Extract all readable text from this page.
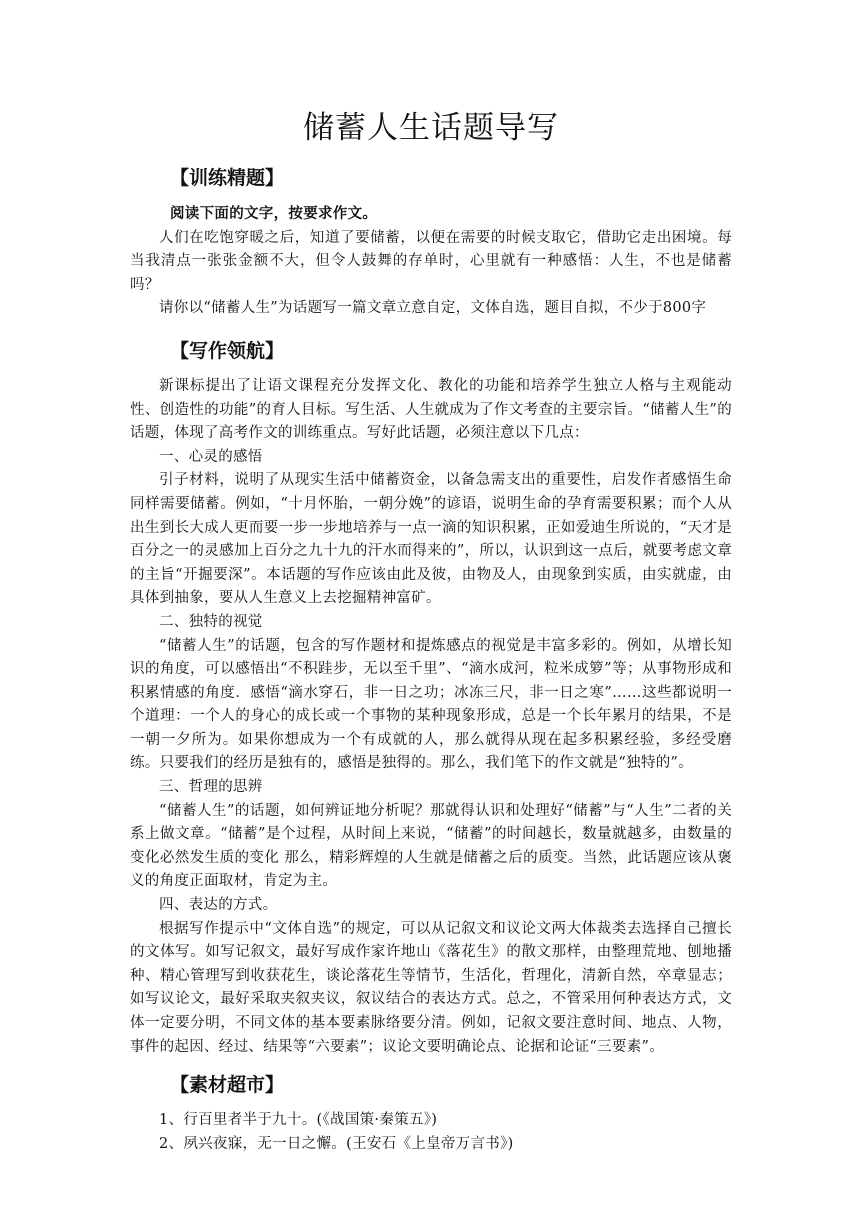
储蓄人生话题导写
【训练精题】

阅读下面的文字，按要求作文。

人们在吃饱穿暖之后，知道了要储蓄，以便在需要的时候支取它，借助它走出困境。每当我清点一张张金额不大，但令人鼓舞的存单时，心里就有一种感悟：人生，不也是储蓄吗？

请你以“储蓄人生”为话题写一篇文章立意自定，文体自选，题目自拟，不少于800字

【写作领航】

新课标提出了让语文课程充分发挥文化、教化的功能和培养学生独立人格与主观能动性、创造性的功能”的育人目标。写生活、人生就成为了作文考查的主要宗旨。“储蓄人生”的话题，体现了高考作文的训练重点。写好此话题，必须注意以下几点：

一、心灵的感悟

引子材料，说明了从现实生活中储蓄资金，以备急需支出的重要性，启发作者感悟生命同样需要储蓄。例如，“十月怀胎，一朝分娩”的谚语，说明生命的孕育需要积累；而个人从出生到长大成人更而要一步一步地培养与一点一滴的知识积累，正如爱迪生所说的，“天才是百分之一的灵感加上百分之九十九的汗水而得来的”，所以，认识到这一点后，就要考虑文章的主旨“开掘要深”。本话题的写作应该由此及彼，由物及人，由现象到实质，由实就虚，由具体到抽象，要从人生意义上去挖掘精神富矿。

二、独特的视觉

“储蓄人生”的话题，包含的写作题材和提炼感点的视觉是丰富多彩的。例如，从增长知识的角度，可以感悟出“不积跬步，无以至千里”、“滴水成河，粒米成箩”等；从事物形成和积累情感的角度．感悟“滴水穿石，非一日之功；冰冻三尺，非一日之寒”……这些都说明一个道理：一个人的身心的成长或一个事物的某种现象形成，总是一个长年累月的结果，不是一朝一夕所为。如果你想成为一个有成就的人，那么就得从现在起多积累经验，多经受磨练。只要我们的经历是独有的，感悟是独得的。那么，我们笔下的作文就是“独特的”。

三、哲理的思辨

“储蓄人生”的话题，如何辨证地分析呢？那就得认识和处理好“储蓄”与“人生”二者的关系上做文章。“储蓄”是个过程，从时间上来说，“储蓄”的时间越长，数量就越多，由数量的变化必然发生质的变化 那么，精彩辉煌的人生就是储蓄之后的质变。当然，此话题应该从褒义的角度正面取材，肯定为主。

四、表达的方式。

根据写作提示中“文体自选”的规定，可以从记叙文和议论文两大体裁类去选择自己擅长的文体写。如写记叙文，最好写成作家许地山《落花生》的散文那样，由整理荒地、刨地播种、精心管理写到收获花生，谈论落花生等情节，生活化，哲理化，清新自然，卒章显志；如写议论文，最好采取夹叙夹议，叙议结合的表达方式。总之，不管采用何种表达方式，文体一定要分明，不同文体的基本要素脉络要分清。例如，记叙文要注意时间、地点、人物，事件的起因、经过、结果等“六要素”；议论文要明确论点、论据和论证“三要素”。

【素材超市】

1、行百里者半于九十。(《战国策·秦策五》)

2、夙兴夜寐，无一日之懈。(王安石《上皇帝万言书》)
